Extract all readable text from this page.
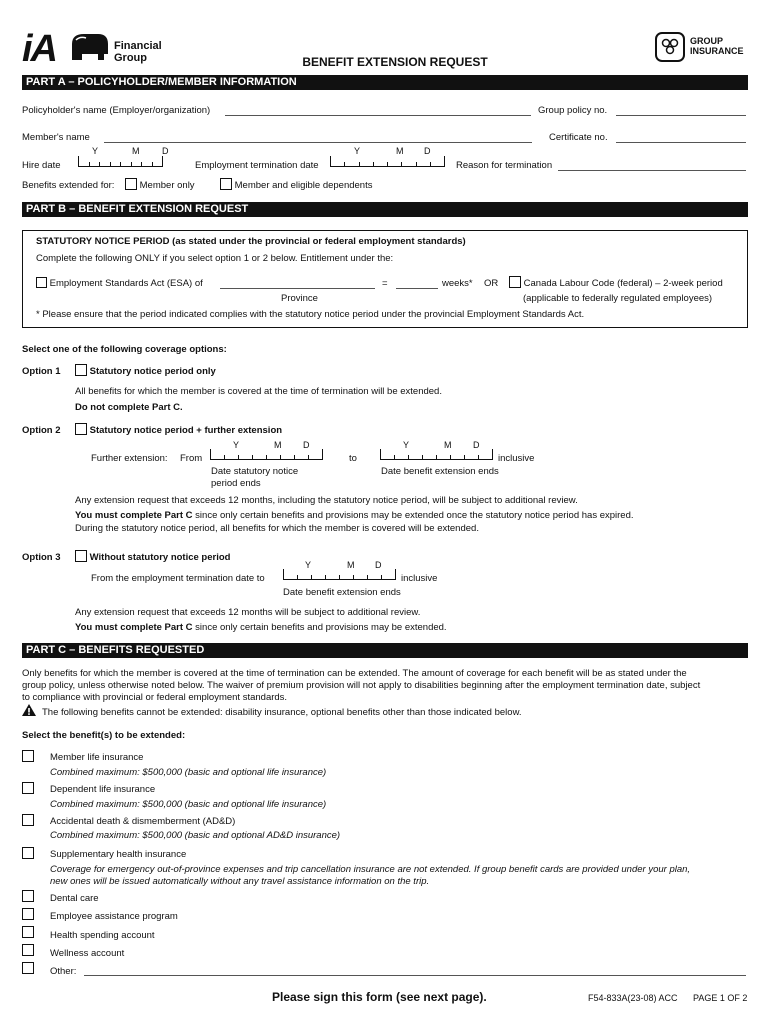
iA	Financial
Group
GROUP
INSURANCE
BENEFIT EXTENSION REQUEST
PART A – POLICYHOLDER/MEMBER INFORMATION
Policyholder's name (Employer/organization)	Group policy no.
Member's name	Certificate no.
Y	M	D
Hire date	Employment termination date
Y	M D
Reason for termination
Benefits extended for:	Member only	Member and eligible dependents
PART B – BENEFIT EXTENSION REQUEST
STATUTORY NOTICE PERIOD (as stated under the provincial or federal employment standards)
Complete the following ONLY if you select option 1 or 2 below. Entitlement under the:
Employment Standards Act (ESA) of	=	weeks* OR	Canada Labour Code (federal) – 2-week period
Province	(applicable to federally regulated employees)
* Please ensure that the period indicated complies with the statutory notice period under the provincial Employment Standards Act.
Select one of the following coverage options:
Option 1	Statutory notice period only
All benefits for which the member is covered at the time of termination will be extended.
Do not complete Part C.
Option 2	Statutory notice period + further extension
Y	M D
Further extension: From	to
Y	M D
inclusive
Date statutory notice
period ends
Date benefit extension ends
Any extension request that exceeds 12 months, including the statutory notice period, will be subject to additional review.
You must complete Part C since only certain benefits and provisions may be extended once the statutory notice period has expired.
During the statutory notice period, all benefits for which the member is covered will be extended.
Option 3	Without statutory notice period
Y	M D
From the employment termination date to	inclusive
Date benefit extension ends
Any extension request that exceeds 12 months will be subject to additional review.
You must complete Part C since only certain benefits and provisions may be extended.
PART C – BENEFITS REQUESTED
Only benefits for which the member is covered at the time of termination can be extended. The amount of coverage for each benefit will be as stated under the
group policy, unless otherwise noted below. The waiver of premium provision will not apply to disabilities beginning after the employment termination date, subject
to compliance with provincial or federal employment standards.
The following benefits cannot be extended: disability insurance, optional benefits other than those indicated below.
Select the benefit(s) to be extended:
Member life insurance
Combined maximum: $500,000 (basic and optional life insurance)
Dependent life insurance
Combined maximum: $500,000 (basic and optional life insurance)
Accidental death & dismemberment (AD&D)
Combined maximum: $500,000 (basic and optional AD&D insurance)
Supplementary health insurance
Coverage for emergency out-of-province expenses and trip cancellation insurance are not extended. If group benefit cards are provided under your plan,
new ones will be issued automatically without any travel assistance information on the trip.
Dental care
Employee assistance program
Health spending account
Wellness account
Other:
Please sign this form (see next page).	F54-833A(23-08) ACC PAGE 1 OF 2
